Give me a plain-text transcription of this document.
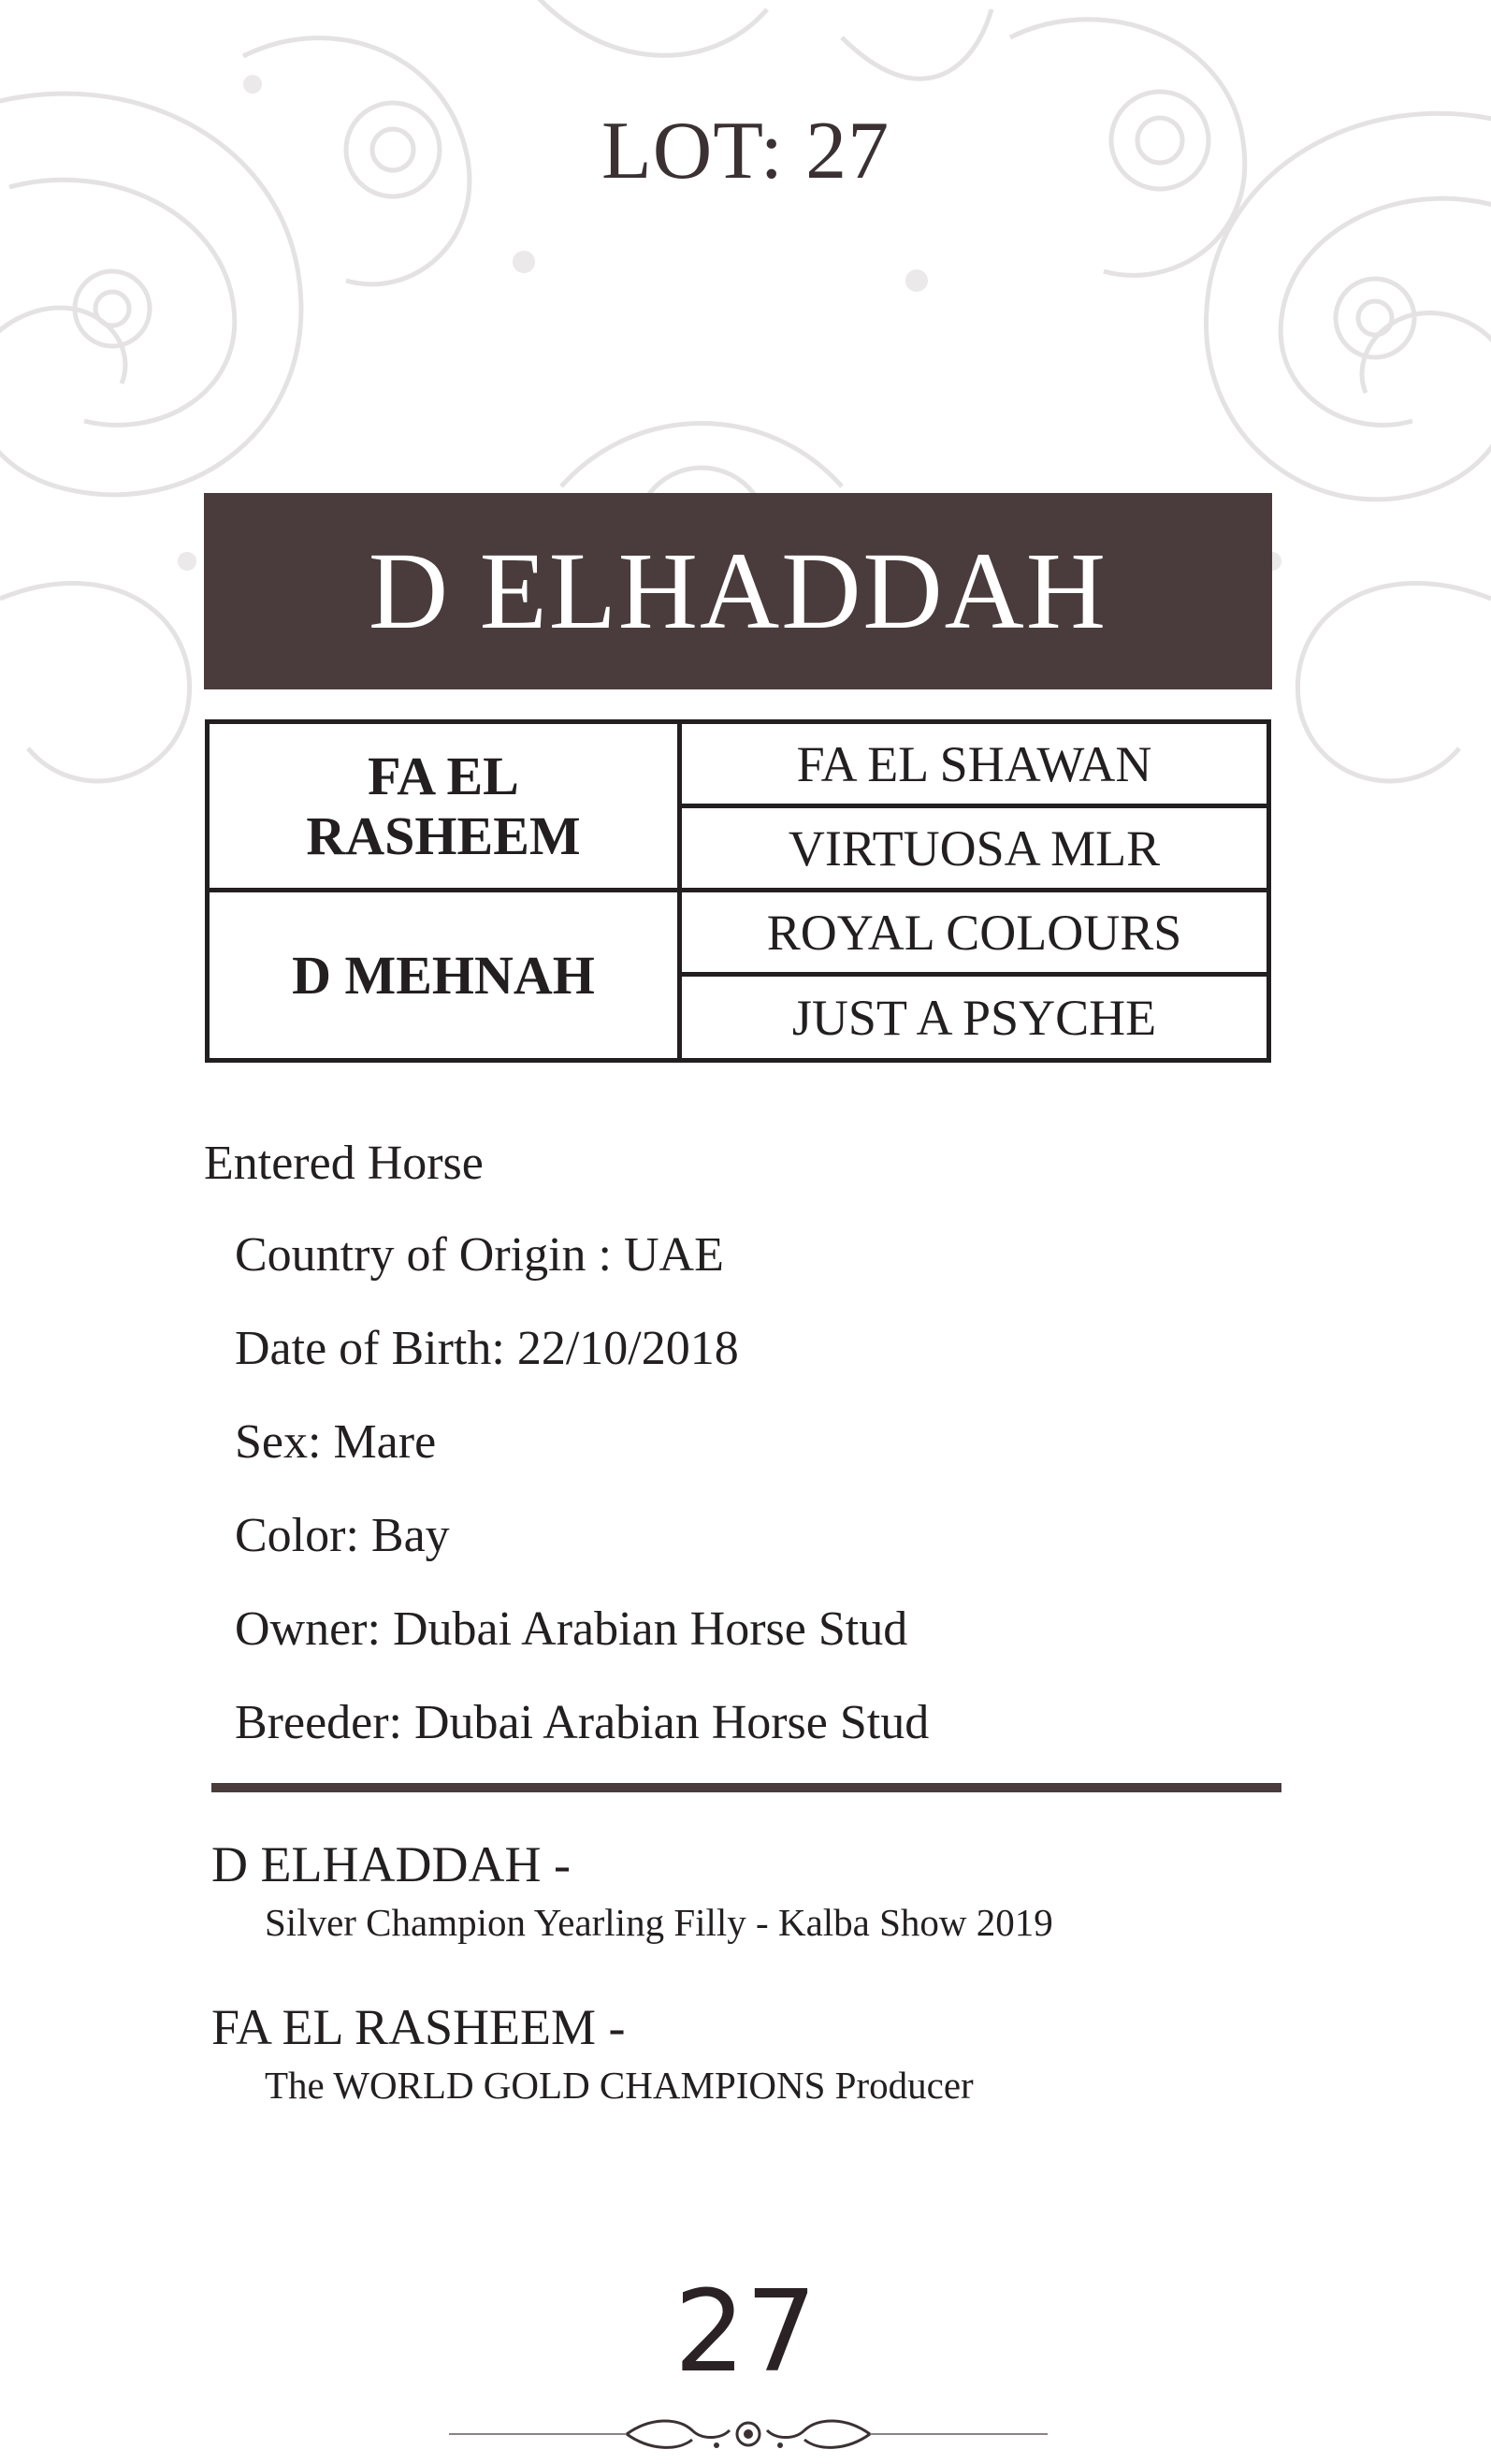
LOT: 27
D ELHADDAH
FA EL RASHEEM
D MEHNAH
FA EL SHAWAN
VIRTUOSA MLR
ROYAL COLOURS
JUST A PSYCHE
Entered Horse
Country of Origin : UAE
Date of Birth: 22/10/2018
Sex: Mare
Color: Bay
Owner: Dubai Arabian Horse Stud
Breeder: Dubai Arabian Horse Stud
D ELHADDAH -
Silver Champion Yearling Filly - Kalba Show 2019
FA EL RASHEEM -
The WORLD GOLD CHAMPIONS Producer
27
